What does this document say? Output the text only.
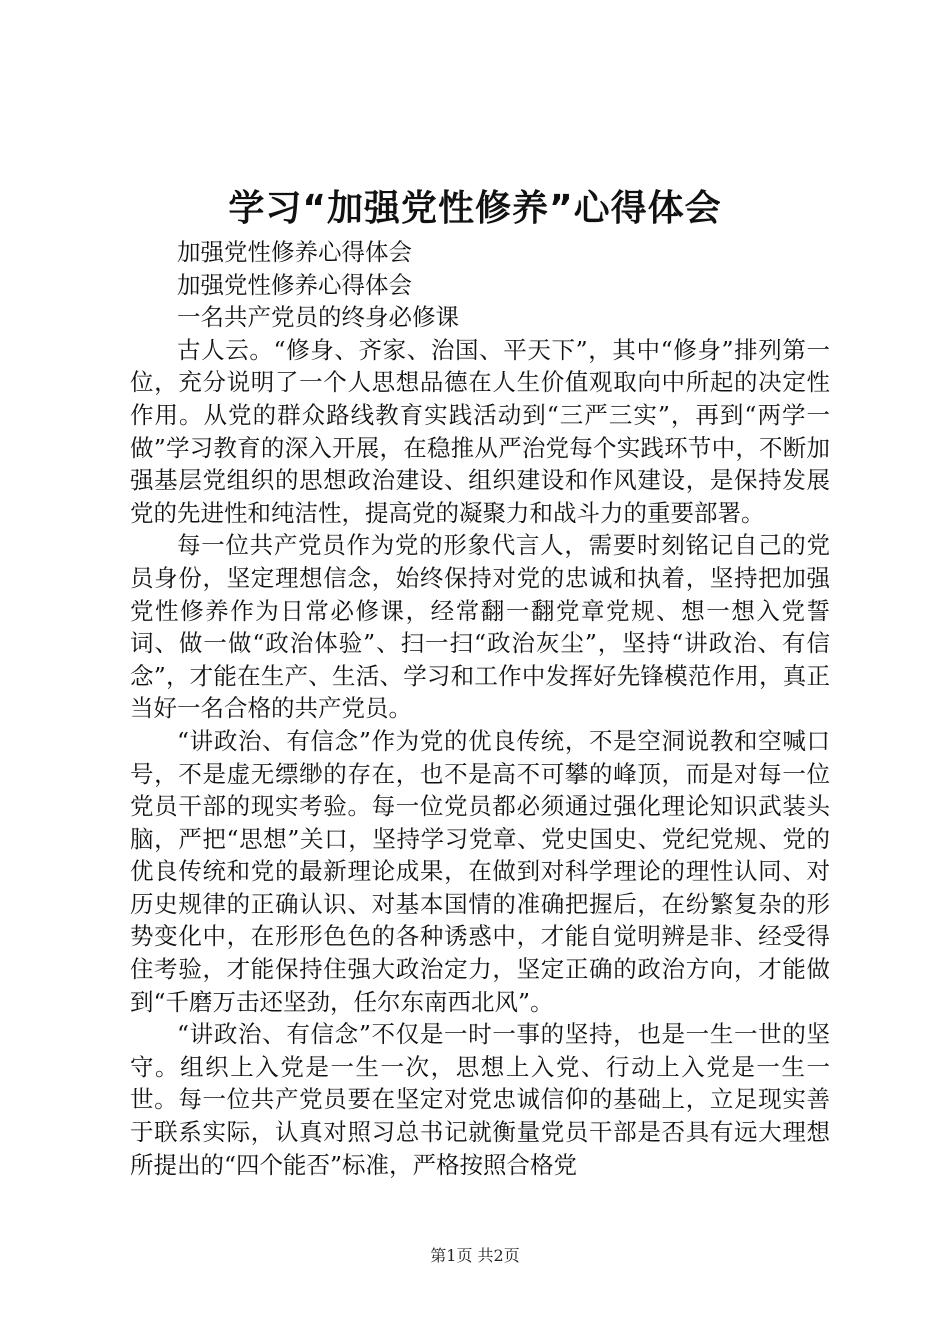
学习“加强党性修养”心得体会

加强党性修养心得体会

加强党性修养心得体会

一名共产党员的终身必修课

古人云。“修身、齐家、治国、平天下”，其中“修身”排列第一位，充分说明了一个人思想品德在人生价值观取向中所起的决定性作用。从党的群众路线教育实践活动到“三严三实”，再到“两学一做”学习教育的深入开展，在稳推从严治党每个实践环节中，不断加强基层党组织的思想政治建设、组织建设和作风建设，是保持发展党的先进性和纯洁性，提高党的凝聚力和战斗力的重要部署。

每一位共产党员作为党的形象代言人，需要时刻铭记自己的党员身份，坚定理想信念，始终保持对党的忠诚和执着，坚持把加强党性修养作为日常必修课，经常翻一翻党章党规、想一想入党誓词、做一做“政治体验”、扫一扫“政治灰尘”，坚持“讲政治、有信念”，才能在生产、生活、学习和工作中发挥好先锋模范作用，真正当好一名合格的共产党员。

“讲政治、有信念”作为党的优良传统，不是空洞说教和空喊口号，不是虚无缥缈的存在，也不是高不可攀的峰顶，而是对每一位党员干部的现实考验。每一位党员都必须通过强化理论知识武装头脑，严把“思想”关口，坚持学习党章、党史国史、党纪党规、党的优良传统和党的最新理论成果，在做到对科学理论的理性认同、对历史规律的正确认识、对基本国情的准确把握后，在纷繁复杂的形势变化中，在形形色色的各种诱惑中，才能自觉明辨是非、经受得住考验，才能保持住强大政治定力，坚定正确的政治方向，才能做到“千磨万击还坚劲，任尔东南西北风”。

“讲政治、有信念”不仅是一时一事的坚持，也是一生一世的坚守。组织上入党是一生一次，思想上入党、行动上入党是一生一世。每一位共产党员要在坚定对党忠诚信仰的基础上，立足现实善于联系实际，认真对照习总书记就衡量党员干部是否具有远大理想所提出的“四个能否”标准，严格按照合格党

第1页 共2页
